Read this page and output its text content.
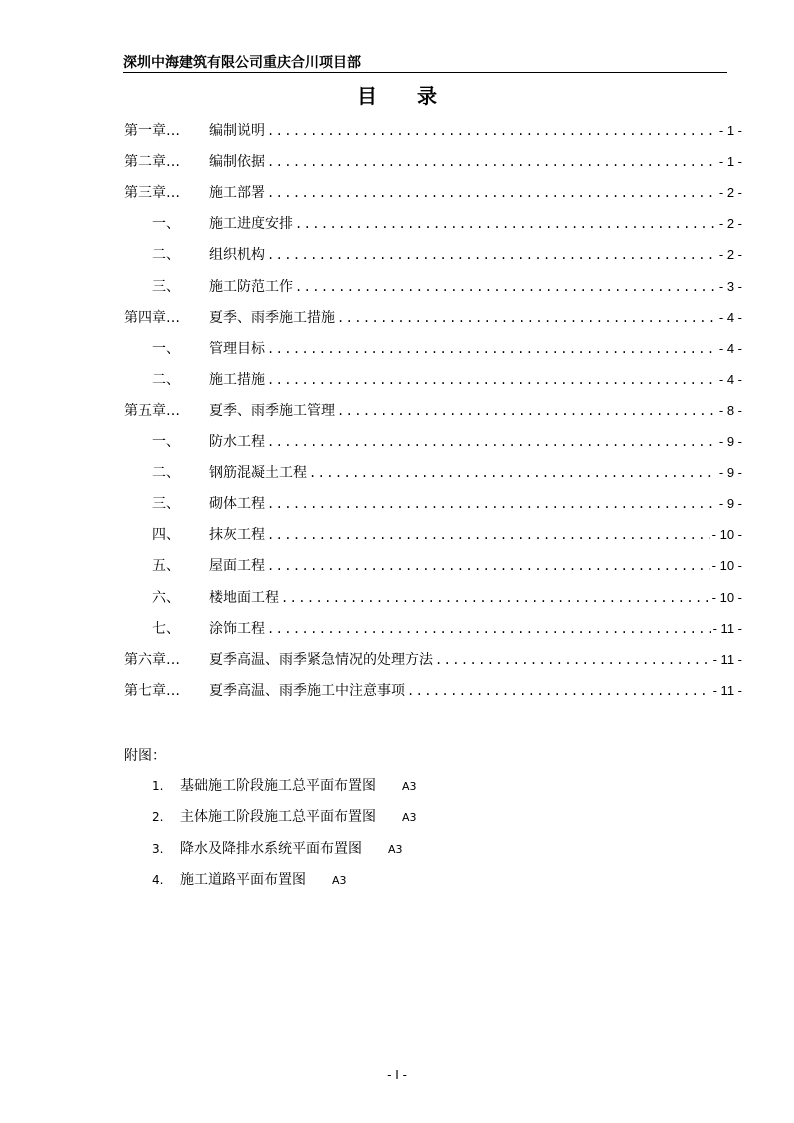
深圳中海建筑有限公司重庆合川项目部
目 录
第一章… 编制说明 .....	- 1 -
第二章… 编制依据 .....	- 1 -
第三章… 施工部署 .....	- 2 -
一、 施工进度安排 .....	- 2 -
二、 组织机构 .....	- 2 -
三、 施工防范工作 .....	- 3 -
第四章… 夏季、雨季施工措施 .....	- 4 -
一、 管理目标 .....	- 4 -
二、 施工措施 .....	- 4 -
第五章… 夏季、雨季施工管理 .....	- 8 -
一、 防水工程 .....	- 9 -
二、 钢筋混凝土工程 .....	- 9 -
三、 砌体工程 .....	- 9 -
四、 抹灰工程 .....	- 10 -
五、 屋面工程 .....	- 10 -
六、 楼地面工程 .....	- 10 -
七、 涂饰工程 .....	- 11 -
第六章… 夏季高温、雨季紧急情况的处理方法 .....	- 11 -
第七章… 夏季高温、雨季施工中注意事项 .....	- 11 -
附图：
1. 基础施工阶段施工总平面布置图 A3
2. 主体施工阶段施工总平面布置图 A3
3. 降水及降排水系统平面布置图 A3
4. 施工道路平面布置图 A3
- I -
